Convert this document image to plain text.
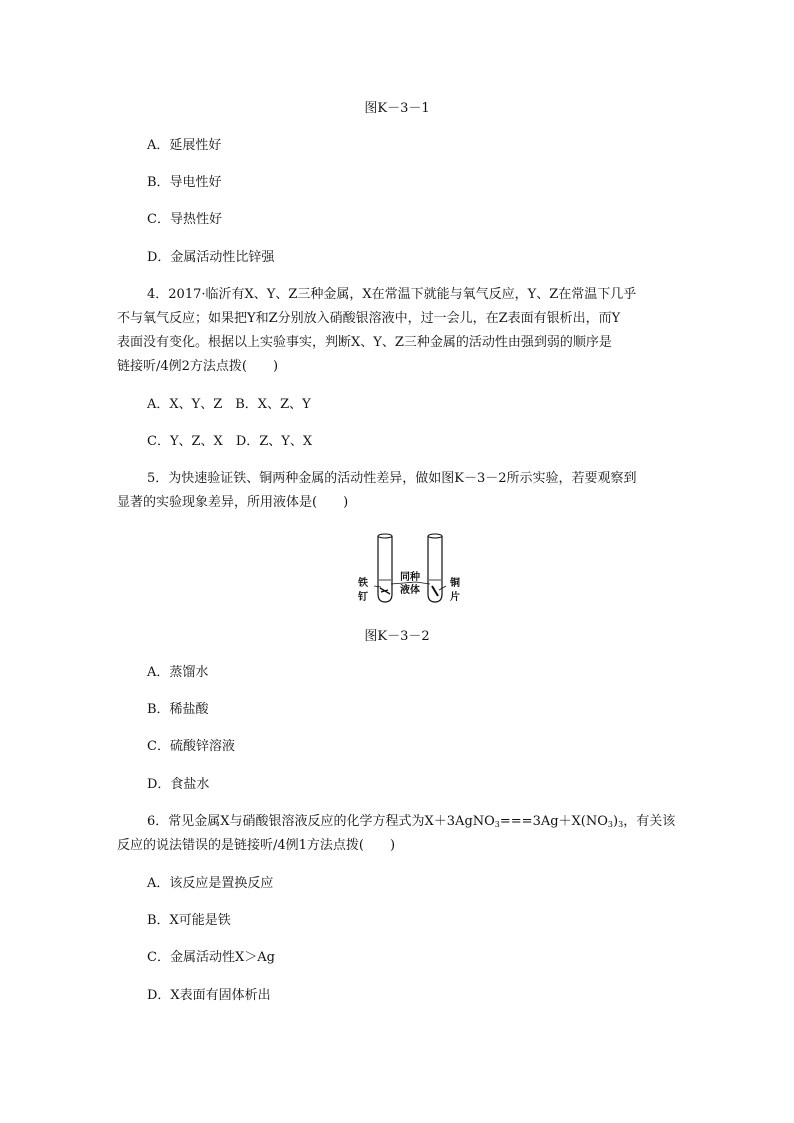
图K－3－1
A．延展性好
B．导电性好
C．导热性好
D．金属活动性比锌强
4．2017·临沂有X、Y、Z三种金属，X在常温下就能与氧气反应，Y、Z在常温下几乎
不与氧气反应；如果把Y和Z分别放入硝酸银溶液中，过一会儿，在Z表面有银析出，而Y
表面没有变化。根据以上实验事实，判断X、Y、Z三种金属的活动性由强到弱的顺序是
链接听/4例2方法点拨(　　)
A．X、Y、Z　B．X、Z、Y
C．Y、Z、X　D．Z、Y、X
5．为快速验证铁、铜两种金属的活动性差异，做如图K－3－2所示实验，若要观察到
显著的实验现象差异，所用液体是(　　)
铁
钉
同种
液体
铜
片
图K－3－2
A．蒸馏水
B．稀盐酸
C．硫酸锌溶液
D．食盐水
6．常见金属X与硝酸银溶液反应的化学方程式为$X+3AgNO_3===3Ag+X(NO_3)_3$，有关该
反应的说法错误的是链接听/4例1方法点拨(　　)
A．该反应是置换反应
B．X可能是铁
C．金属活动性X＞Ag
D．X表面有固体析出
